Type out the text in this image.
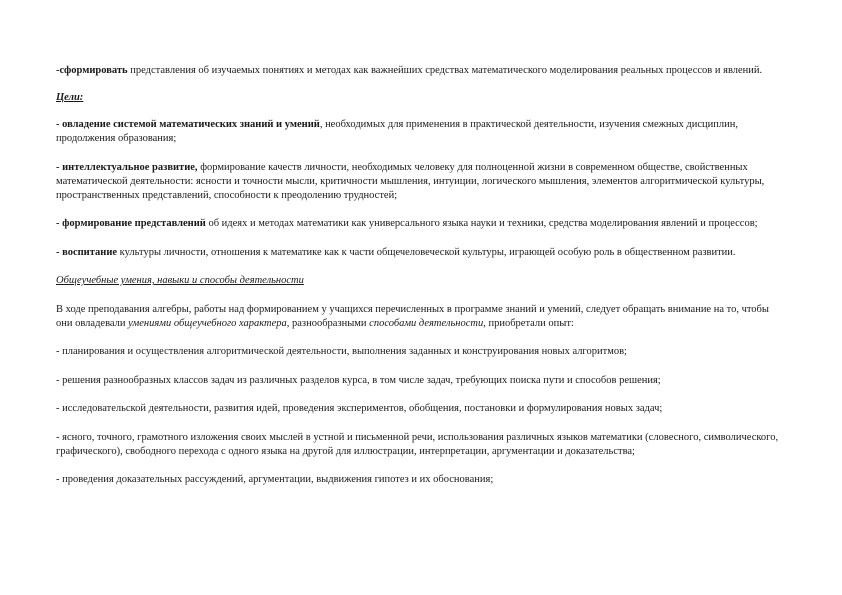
-сформировать представления об изучаемых понятиях и методах как важнейших средствах математического моделирования реальных процессов и явлений.

Цели:

- овладение системой математических знаний и умений, необходимых для применения в практической деятельности, изучения смежных дисциплин, продолжения образования;

- интеллектуальное развитие, формирование качеств личности, необходимых человеку для полноценной жизни в современном обществе, свойственных математической деятельности: ясности и точности мысли, критичности мышления, интуиции, логического мышления, элементов алгоритмической культуры, пространственных представлений, способности к преодолению трудностей;

- формирование представлений об идеях и методах математики как универсального языка науки и техники, средства моделирования явлений и процессов;

- воспитание культуры личности, отношения к математике как к части общечеловеческой культуры, играющей особую роль в общественном развитии.

Общеучебные умения, навыки и способы деятельности

В ходе преподавания алгебры, работы над формированием у учащихся перечисленных в программе знаний и умений, следует обращать внимание на то, чтобы они овладевали умениями общеучебного характера, разнообразными способами деятельности, приобретали опыт:

- планирования и осуществления алгоритмической деятельности, выполнения заданных и конструирования новых алгоритмов;

- решения разнообразных классов задач из различных разделов курса, в том числе задач, требующих поиска пути и способов решения;

- исследовательской деятельности, развития идей, проведения экспериментов, обобщения, постановки и формулирования новых задач;

- ясного, точного, грамотного изложения своих мыслей в устной и письменной речи, использования различных языков математики (словесного, символического, графического), свободного перехода с одного языка на другой для иллюстрации, интерпретации, аргументации и доказательства;

- проведения доказательных рассуждений, аргументации, выдвижения гипотез и их обоснования;
